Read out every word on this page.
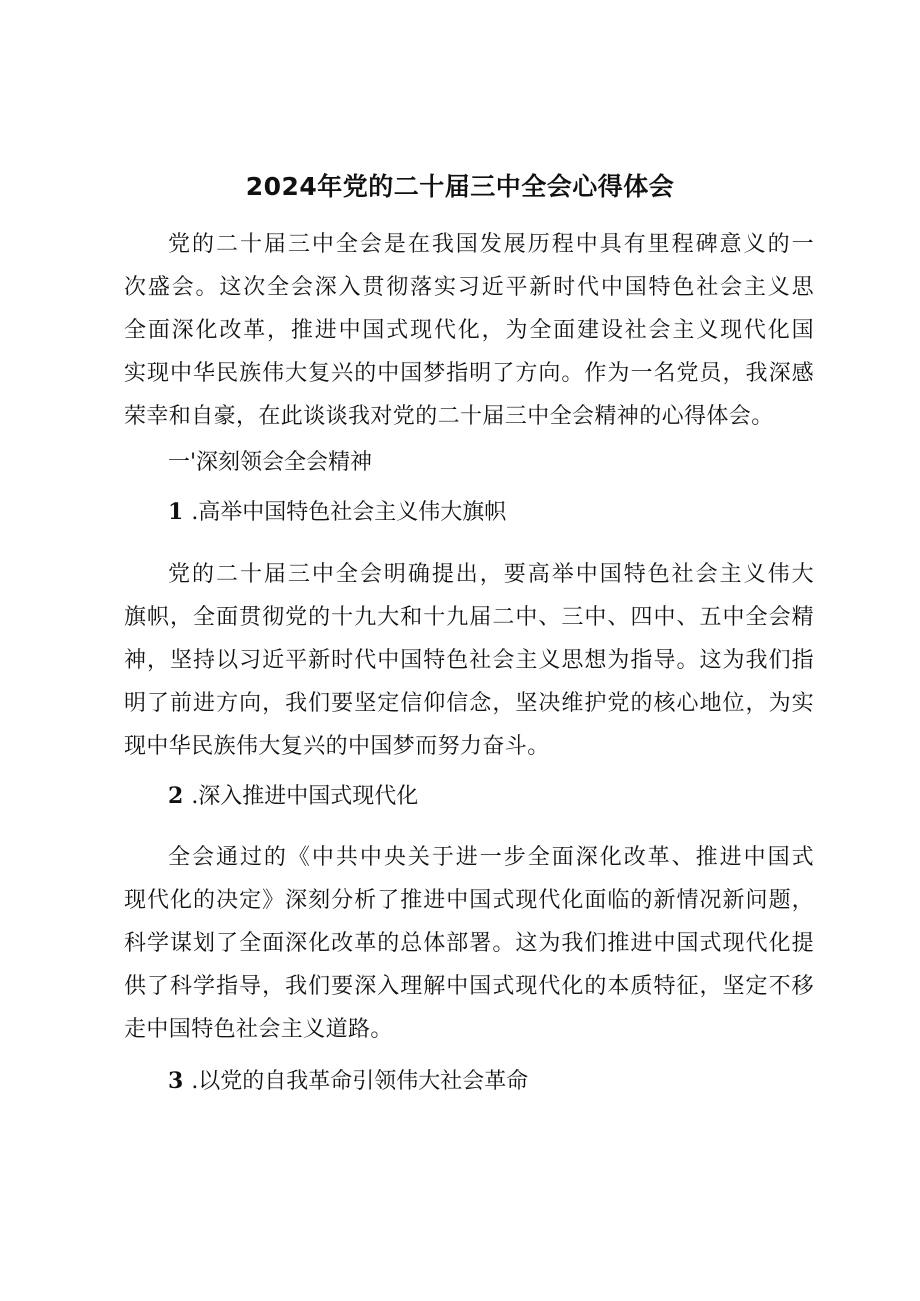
2024年党的二十届三中全会心得体会
党的二十届三中全会是在我国发展历程中具有里程碑意义的一
次盛会。这次全会深入贯彻落实习近平新时代中国特色社会主义思
全面深化改革，推进中国式现代化，为全面建设社会主义现代化国
实现中华民族伟大复兴的中国梦指明了方向。作为一名党员，我深感
荣幸和自豪，在此谈谈我对党的二十届三中全会精神的心得体会。
一'深刻领会全会精神
1 .高举中国特色社会主义伟大旗帜
党的二十届三中全会明确提出，要高举中国特色社会主义伟大
旗帜，全面贯彻党的十九大和十九届二中、三中、四中、五中全会精
神，坚持以习近平新时代中国特色社会主义思想为指导。这为我们指
明了前进方向，我们要坚定信仰信念，坚决维护党的核心地位，为实
现中华民族伟大复兴的中国梦而努力奋斗。
2 .深入推进中国式现代化
全会通过的《中共中央关于进一步全面深化改革、推进中国式
现代化的决定》深刻分析了推进中国式现代化面临的新情况新问题，
科学谋划了全面深化改革的总体部署。这为我们推进中国式现代化提
供了科学指导，我们要深入理解中国式现代化的本质特征，坚定不移
走中国特色社会主义道路。
3 .以党的自我革命引领伟大社会革命
